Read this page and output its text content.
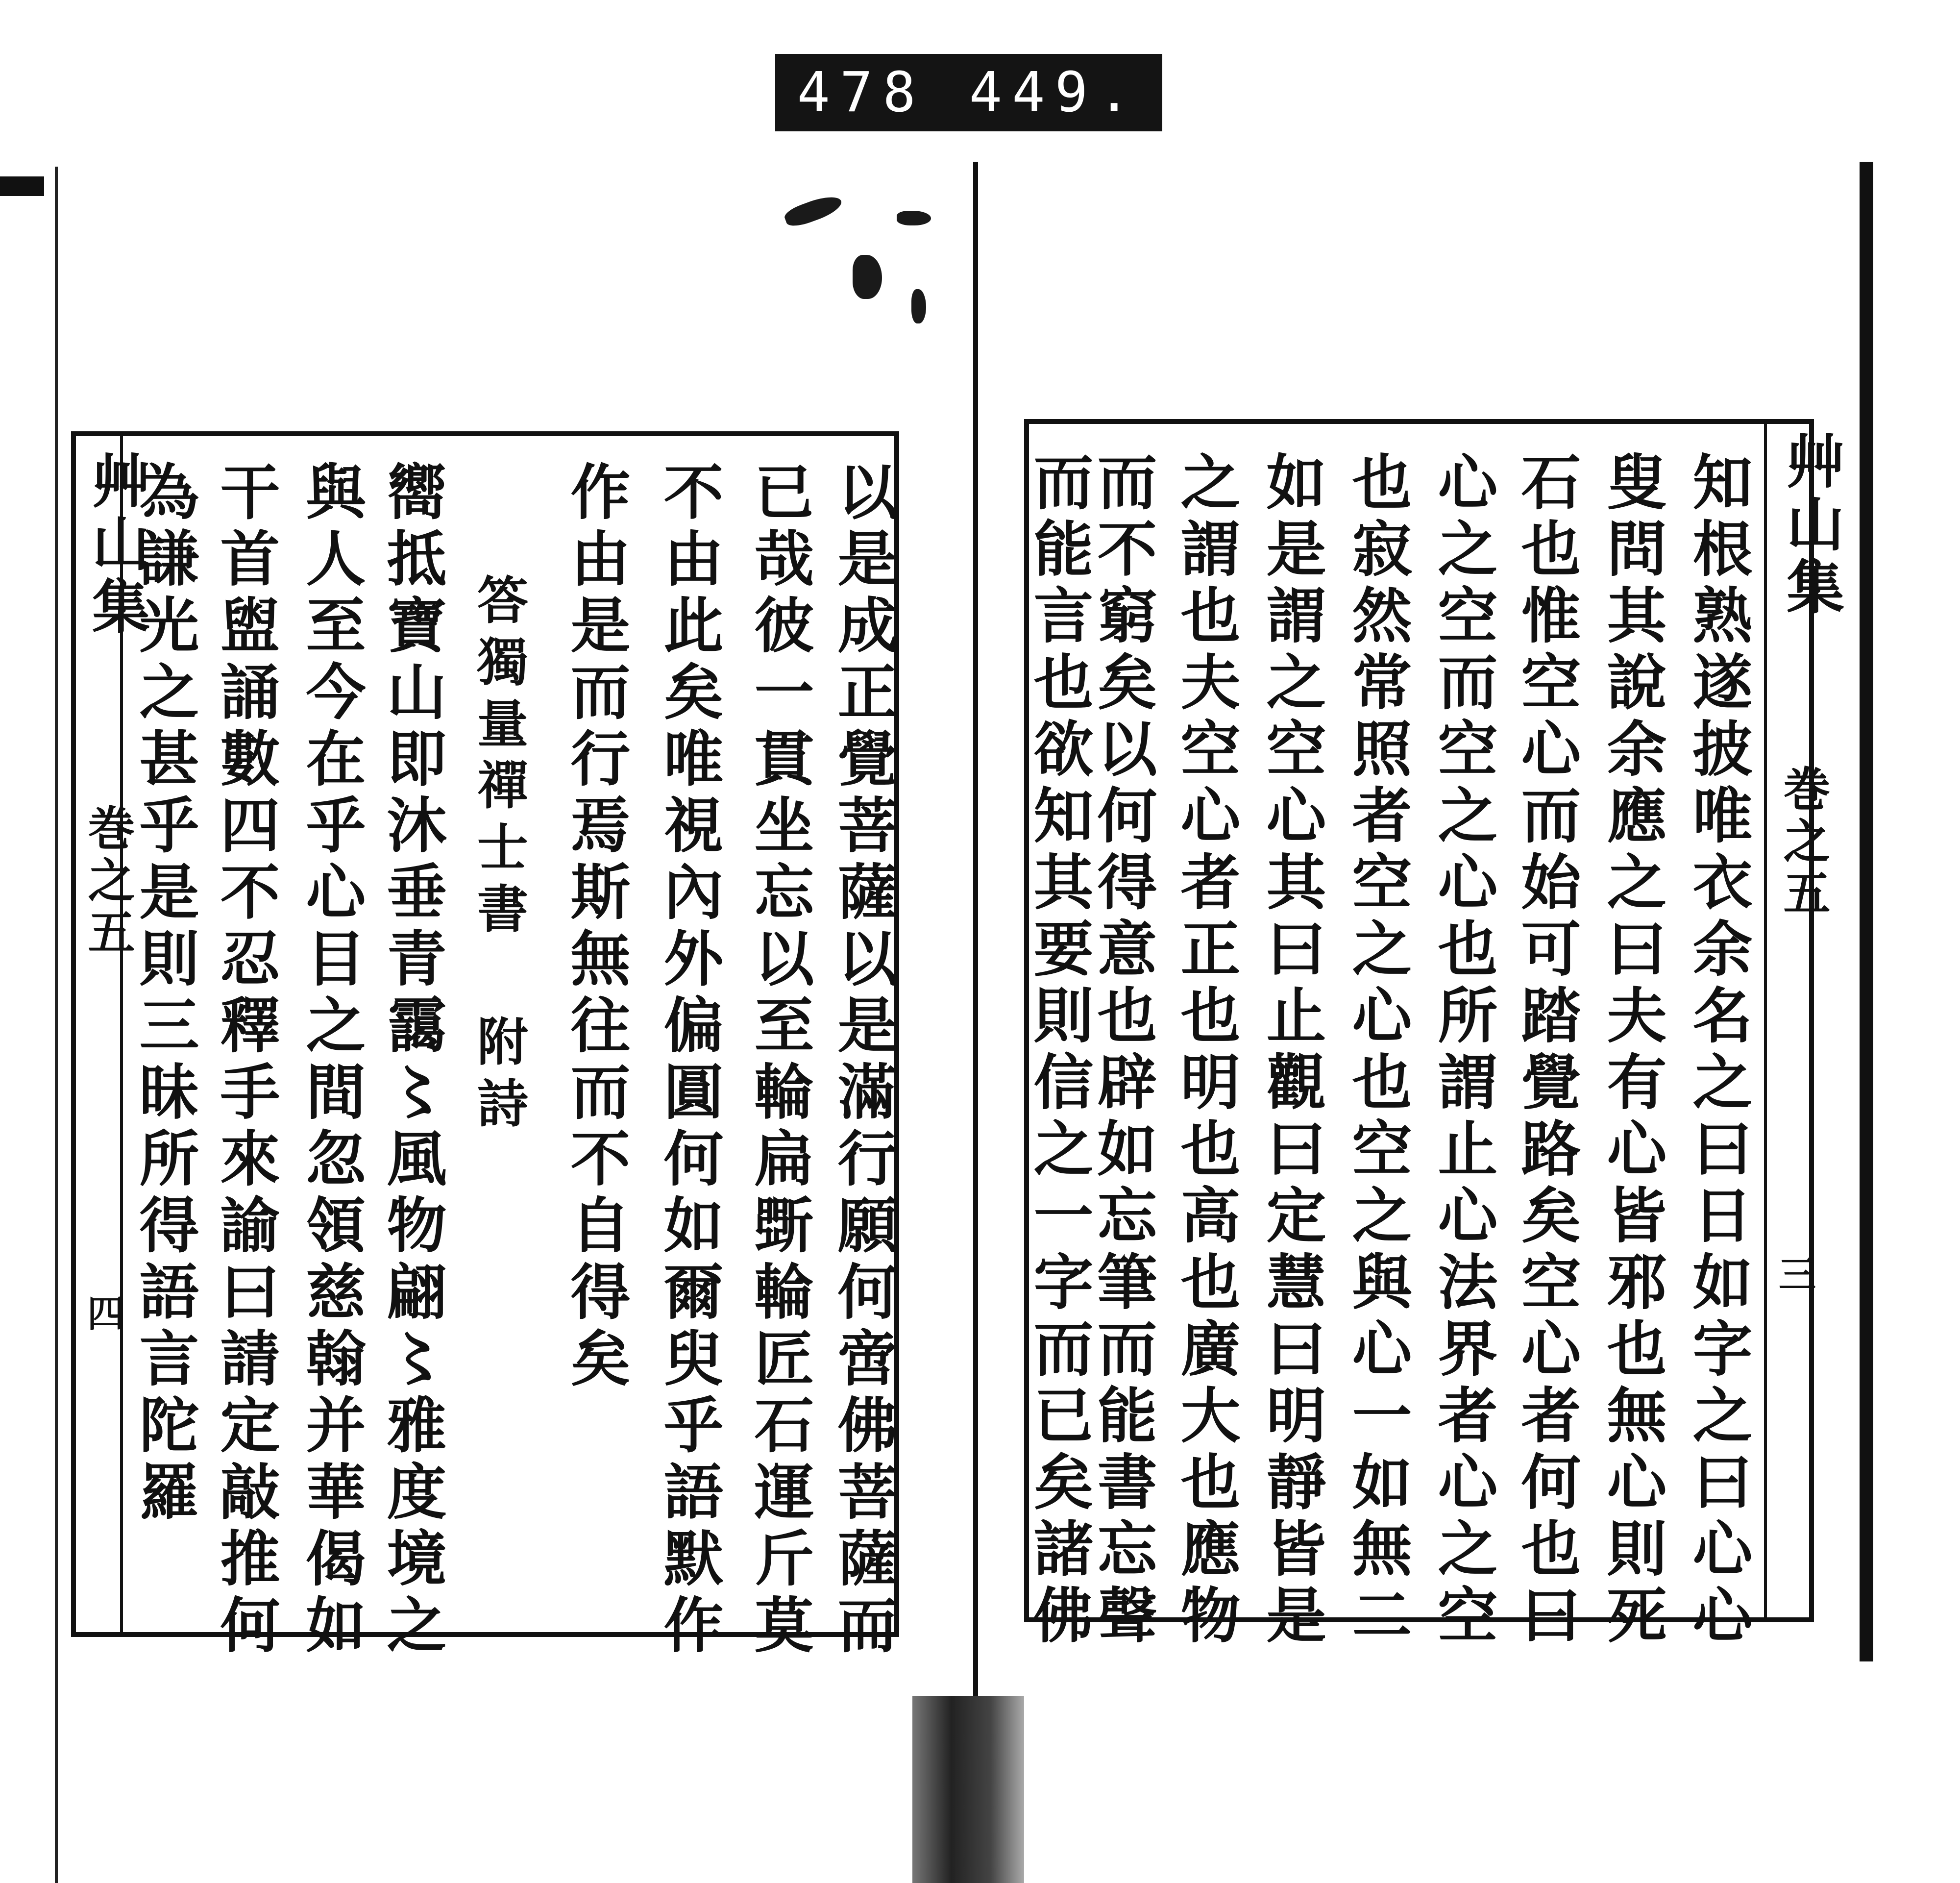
478 449.
艸山集
巻之五
四	以是成正覺菩薩以是滿行願何啻佛菩薩而
已哉彼一貫坐忘以至輪扁斲輪匠石運斤莫
不由此矣唯視內外偏圓何如爾臾乎語默作
作由是而行焉斯無往而不自得矣
答獨量禪士書 附詩
嚮抵寶山即沐垂青靄〻風物翩〻雅度境之
與人至今在乎心目之間忽領慈翰并華偈如
干首盥誦數四不忍釋手來諭曰請定敲推何
為謙光之甚乎是則三昧所得語言陀羅	艸山集
巻之五
三
知根熟遂披唯衣余名之曰日如字之曰心心
叟問其說余應之曰夫有心皆邪也無心則死
石也惟空心而始可踏覺路矣空心者何也曰
心之空而空之心也所謂止心法界者心之空
也寂然常照者空之心也空之與心一如無二
如是謂之空心其曰止觀曰定慧曰明靜皆是
之謂也夫空心者正也明也高也廣大也應物
而不窮矣以何得意也辟如忘筆而能書忘聲
而能言也欲知其要則信之一字而已矣諸佛
